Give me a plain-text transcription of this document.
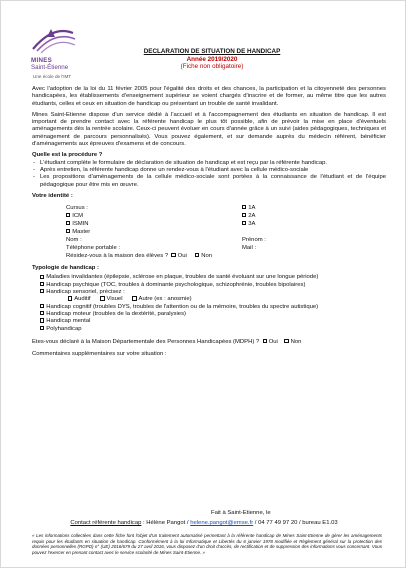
MINES
Saint-Étienne
Une école de l'IMT
DECLARATION DE SITUATION DE HANDICAP
Année 2019/2020
(Fiche non obligatoire)

Avec l'adoption de la loi du 11 février 2005 pour l'égalité des droits et des chances, la participation et la citoyenneté des personnes handicapées, les établissements d'enseignement supérieur se voient chargés d'inscrire et de former, au même titre que les autres étudiants, celles et ceux en situation de handicap ou présentant un trouble de santé invalidant.

Mines Saint-Etienne dispose d'un service dédié à l'accueil et à l'accompagnement des étudiants en situation de handicap. Il est important de prendre contact avec la référente handicap le plus tôt possible, afin de prévoir la mise en place d'éventuels aménagements dès la rentrée scolaire. Ceux-ci peuvent évoluer en cours d'année grâce à un suivi (aides pédagogiques, techniques et aménagement de parcours personnalisés). Vous pouvez également, et sur demande auprès du médecin référent, bénéficier d'aménagements aux épreuves d'examens et de concours.

Quelle est la procédure ?
- L'étudiant complète le formulaire de déclaration de situation de handicap et est reçu par la référente handicap.
- Après entretien, la référente handicap donne un rendez-vous à l'étudiant avec la cellule médico-sociale
- Les propositions d'aménagements de la cellule médico-sociale sont portées à la connaissance de l'étudiant et de l'équipe pédagogique pour être mis en œuvre.
Votre identité :
Cursus :
ICM
ISMIN
Master
1A
2A
3A
Nom :	Prénom :
Téléphone portable :	Mail :
Résidez-vous à la maison des élèves ? Oui Non
Typologie de handicap :
Maladies invalidantes (épilepsie, sclérose en plaque, troubles de santé évoluant sur une longue période)
Handicap psychique (TOC, troubles à dominante psychologique, schizophrénie, troubles bipolaires)
Handicap sensoriel, précisez :
Auditif	Visuel	Autre (ex : anosmie)
Handicap cognitif (troubles DYS, troubles de l'attention ou de la mémoire, troubles du spectre autistique)
Handicap moteur (troubles de la dextérité, paralysies)
Handicap mental
Polyhandicap
Etes-vous déclaré à la Maison Départementale des Personnes Handicapées (MDPH) ? Oui Non
Commentaires supplémentaires sur votre situation :
Fait à Saint-Etienne, le
Contact référente handicap : Hélène Pangot / helene.pangot@emse.fr / 04 77 49 97 20 / bureau E1.03
« Les informations collectées dans cette fiche font l'objet d'un traitement automatisé permettant à la référente handicap de Mines Saint-Etienne de gérer les aménagements requis pour les étudiants en situation de handicap. Conformément à la loi Informatique et Libertés du 6 janvier 1978 modifiée et Règlement général sur la protection des données personnelles (RGPD) n° (UE) 2016/679 du 27 avril 2016, vous disposez d'un droit d'accès, de rectification et de suppression des informations vous concernant. Vous pouvez l'exercer en prenant contact avec le service scolarité de Mines Saint-Etienne. »
